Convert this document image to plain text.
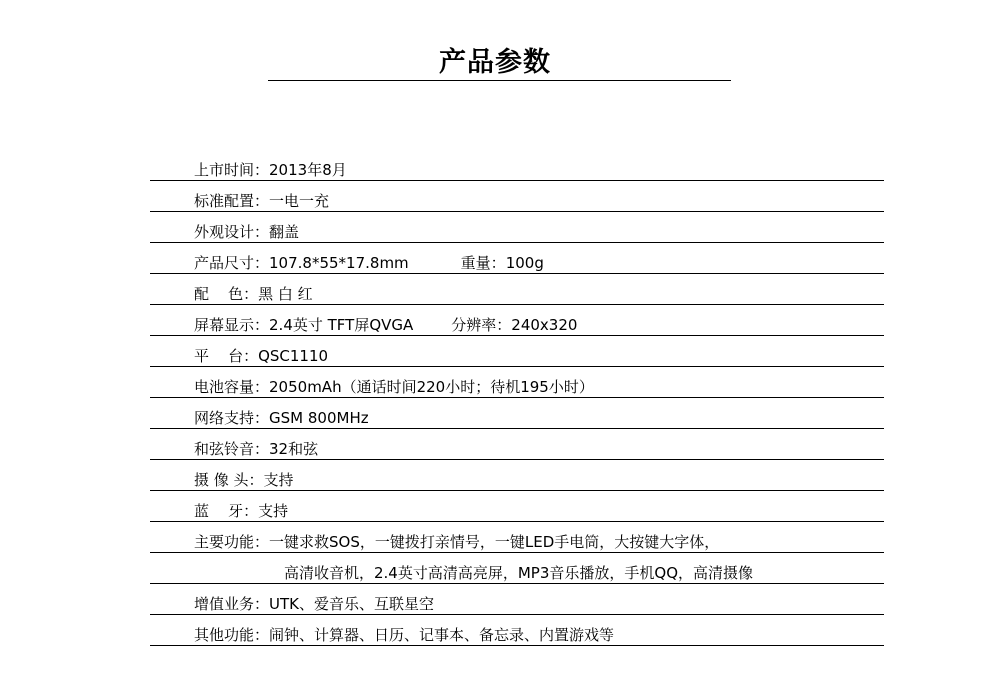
产品参数
上市时间：2013年8月
标准配置：一电一充
外观设计：翻盖
产品尺寸：107.8*55*17.8mm	重量：100g
配    色：黑 白 红
屏幕显示：2.4英寸 TFT屏QVGA	分辨率：240x320
平    台：QSC1110
电池容量：2050mAh（通话时间220小时；待机195小时）
网络支持：GSM 800MHz
和弦铃音：32和弦
摄 像 头：支持
蓝    牙：支持
主要功能：一键求救SOS，一键拨打亲情号，一键LED手电筒，大按键大字体，
高清收音机，2.4英寸高清高亮屏，MP3音乐播放，手机QQ，高清摄像
增值业务：UTK、爱音乐、互联星空
其他功能：闹钟、计算器、日历、记事本、备忘录、内置游戏等
